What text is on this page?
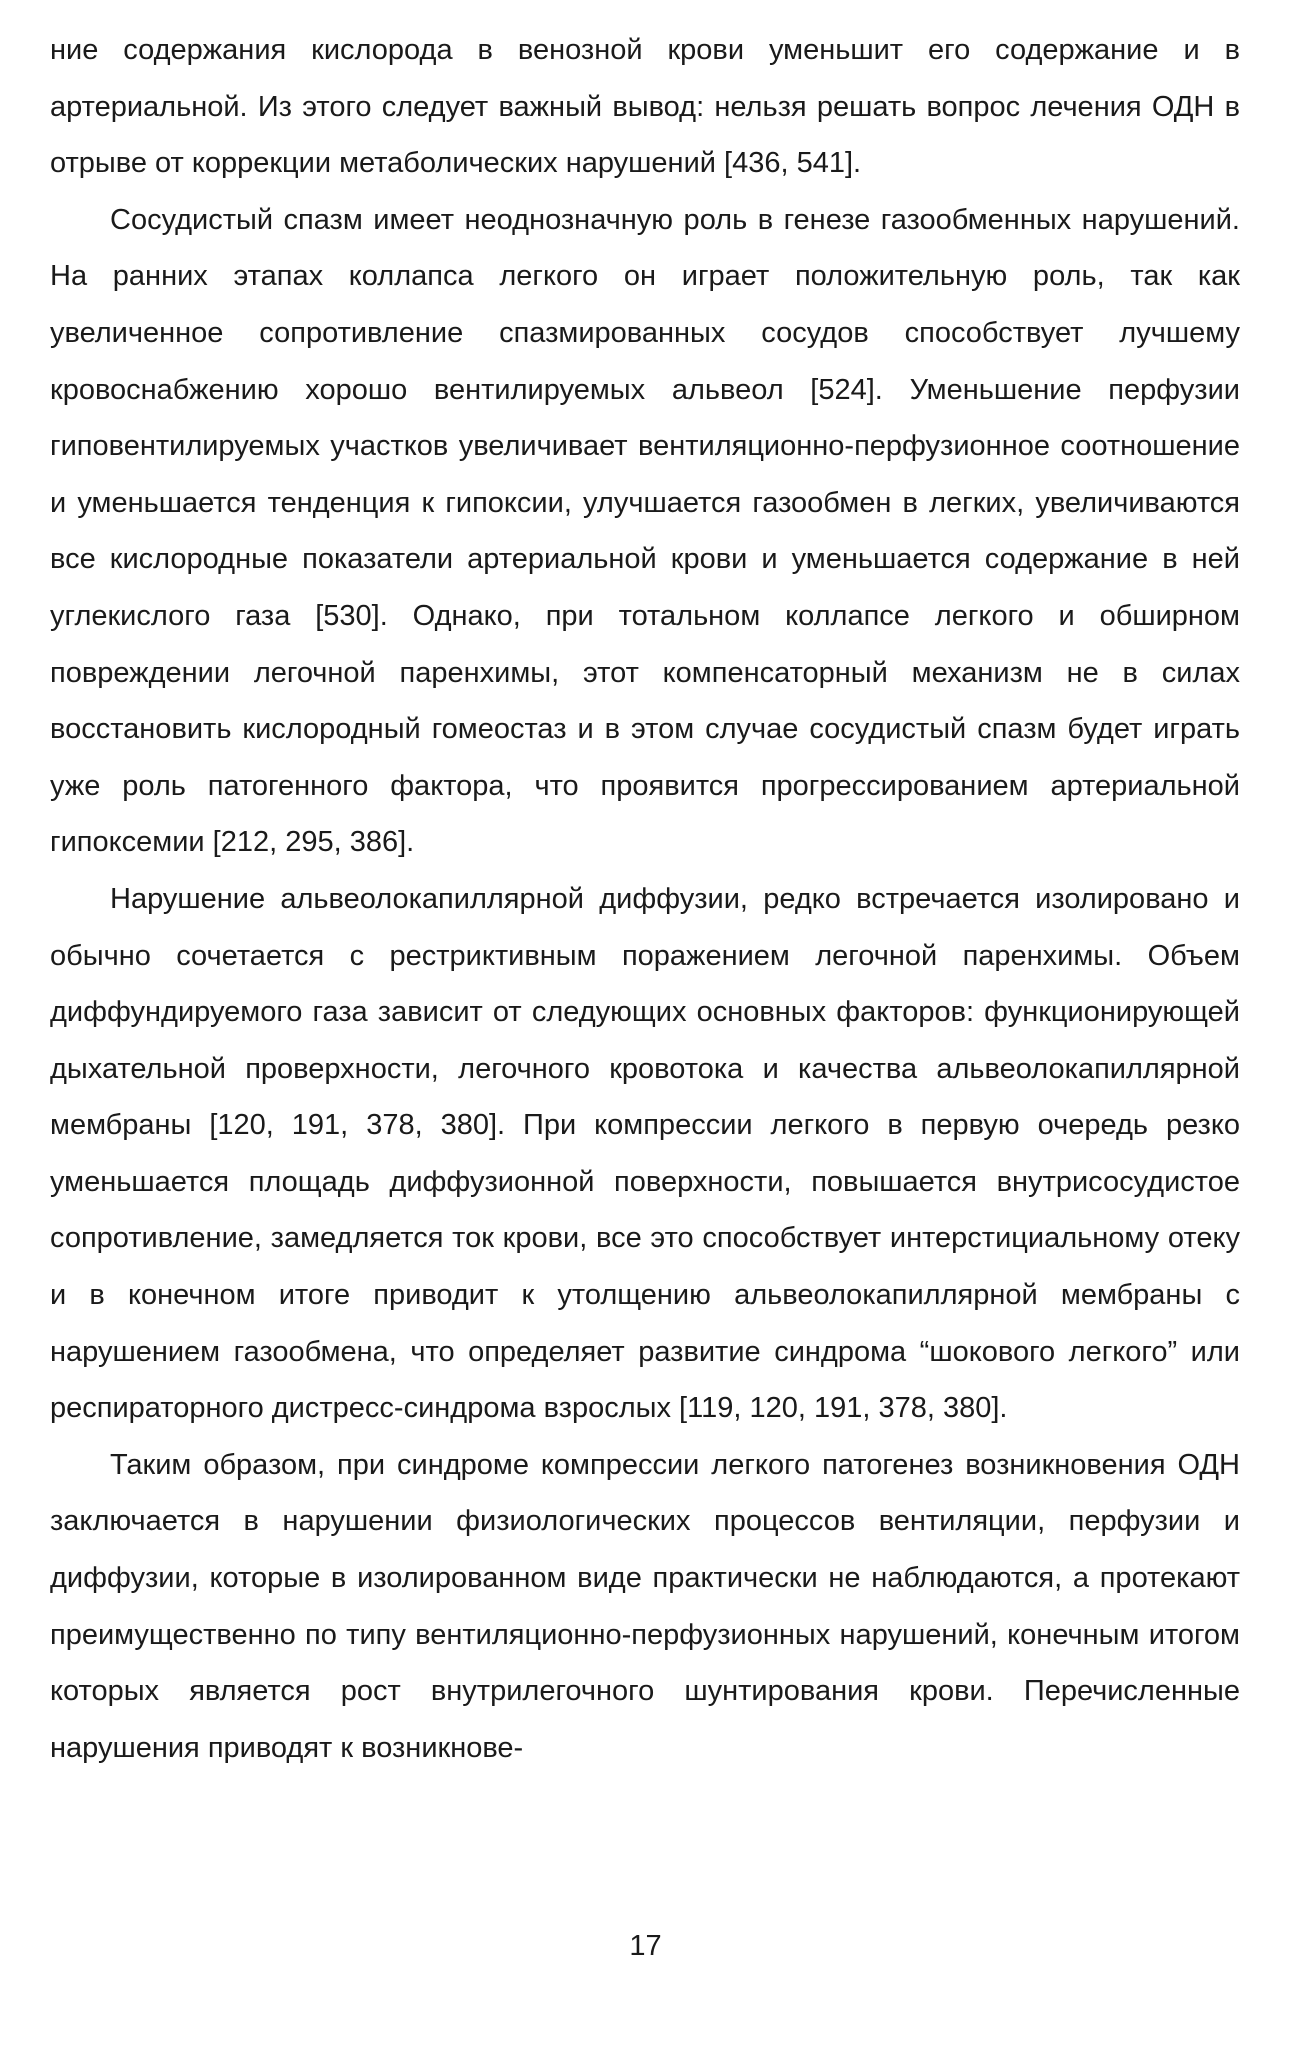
ние содержания кислорода в венозной крови уменьшит его содержание и в артериальной. Из этого следует важный вывод: нельзя решать вопрос лечения ОДН в отрыве от коррекции метаболических нарушений [436, 541].

Сосудистый спазм имеет неоднозначную роль в генезе газообменных нарушений. На ранних этапах коллапса легкого он играет положительную роль, так как увеличенное сопротивление спазмированных сосудов способствует лучшему кровоснабжению хорошо вентилируемых альвеол [524]. Уменьшение перфузии гиповентилируемых участков увеличивает вентиляционно-перфузионное соотношение и уменьшается тенденция к гипоксии, улучшается газообмен в легких, увеличиваются все кислородные показатели артериальной крови и уменьшается содержание в ней углекислого газа [530]. Однако, при тотальном коллапсе легкого и обширном повреждении легочной паренхимы, этот компенсаторный механизм не в силах восстановить кислородный гомеостаз и в этом случае сосудистый спазм будет играть уже роль патогенного фактора, что проявится прогрессированием артериальной гипоксемии [212, 295, 386].

Нарушение альвеолокапиллярной диффузии, редко встречается изолировано и обычно сочетается с рестриктивным поражением легочной паренхимы. Объем диффундируемого газа зависит от следующих основных факторов: функционирующей дыхательной проверхности, легочного кровотока и качества альвеолокапиллярной мембраны [120, 191, 378, 380]. При компрессии легкого в первую очередь резко уменьшается площадь диффузионной поверхности, повышается внутрисосудистое сопротивление, замедляется ток крови, все это способствует интерстициальному отеку и в конечном итоге приводит к утолщению альвеолокапиллярной мембраны с нарушением газообмена, что определяет развитие синдрома “шокового легкого” или респираторного дистресс-синдрома взрослых [119, 120, 191, 378, 380].

Таким образом, при синдроме компрессии легкого патогенез возникновения ОДН заключается в нарушении физиологических процессов вентиляции, перфузии и диффузии, которые в изолированном виде практически не наблюдаются, а протекают преимущественно по типу вентиляционно-перфузионных нарушений, конечным итогом которых является рост внутрилегочного шунтирования крови. Перечисленные нарушения приводят к возникнове-

17
